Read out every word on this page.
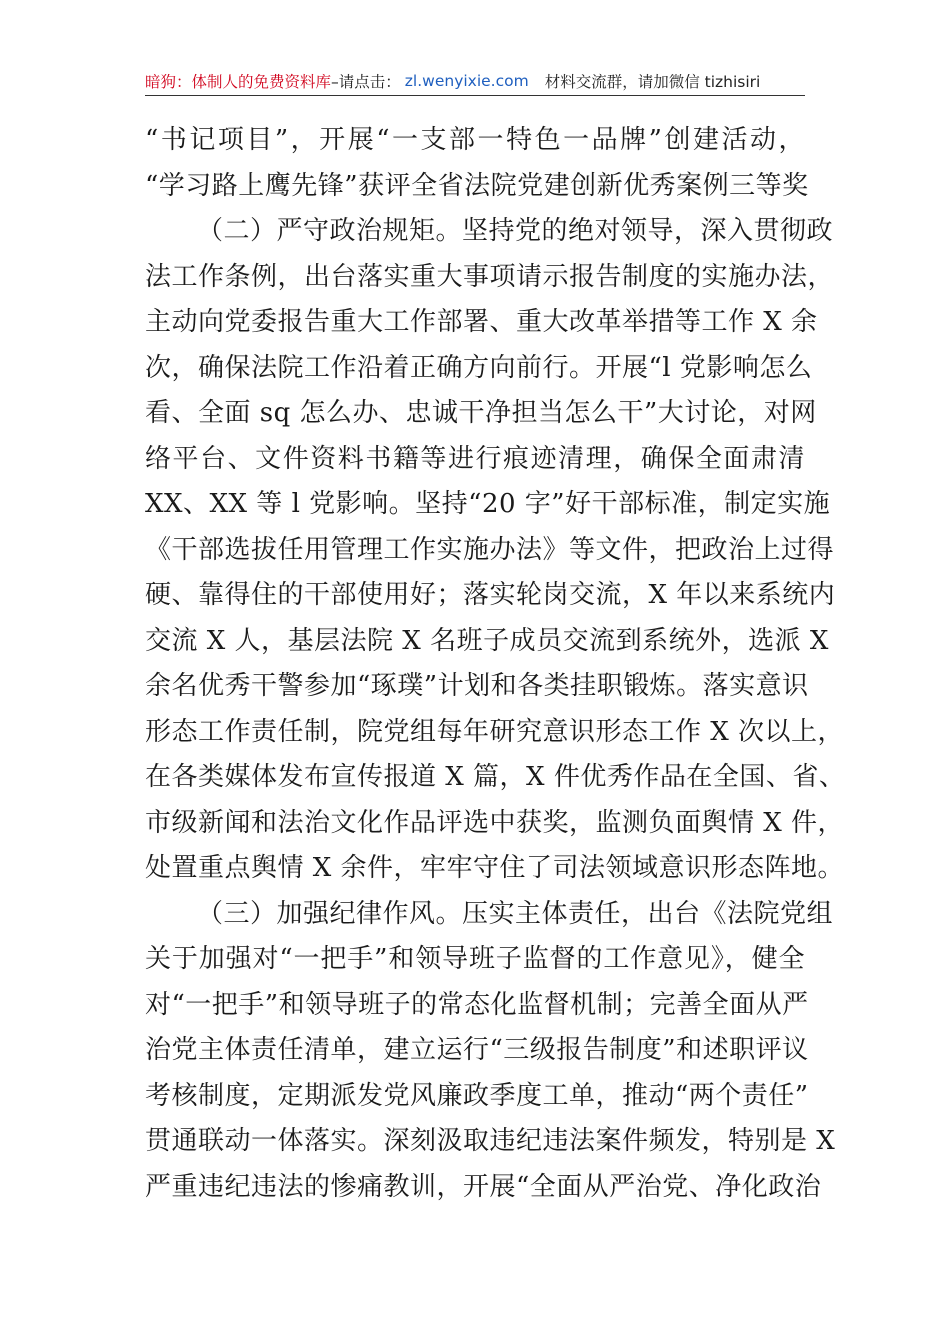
暗狗：体制人的免费资料库 –请点击： zl.wenyixie.com 材料交流群，请加微信 tizhisiri

“书记项目”，开展“一支部一特色一品牌”创建活动，
“学习路上鹰先锋”获评全省法院党建创新优秀案例三等奖

（二）严守政治规矩。坚持党的绝对领导，深入贯彻政
法工作条例，出台落实重大事项请示报告制度的实施办法，
主动向党委报告重大工作部署、重大改革举措等工作 X 余
次，确保法院工作沿着正确方向前行。开展“l 党影响怎么
看、全面 sq 怎么办、忠诚干净担当怎么干”大讨论，对网
络平台、文件资料书籍等进行痕迹清理，确保全面肃清
XX、XX 等 l 党影响。坚持“20 字”好干部标准，制定实施
《干部选拔任用管理工作实施办法》等文件，把政治上过得
硬、靠得住的干部使用好；落实轮岗交流，X 年以来系统内
交流 X 人，基层法院 X 名班子成员交流到系统外，选派 X
余名优秀干警参加“琢璞”计划和各类挂职锻炼。落实意识
形态工作责任制，院党组每年研究意识形态工作 X 次以上，
在各类媒体发布宣传报道 X 篇，X 件优秀作品在全国、省、
市级新闻和法治文化作品评选中获奖，监测负面舆情 X 件，
处置重点舆情 X 余件，牢牢守住了司法领域意识形态阵地。

（三）加强纪律作风。压实主体责任，出台《法院党组
关于加强对“一把手”和领导班子监督的工作意见》，健全
对“一把手”和领导班子的常态化监督机制；完善全面从严
治党主体责任清单，建立运行“三级报告制度”和述职评议
考核制度，定期派发党风廉政季度工单，推动“两个责任”
贯通联动一体落实。深刻汲取违纪违法案件频发，特别是 X
严重违纪违法的惨痛教训，开展“全面从严治党、净化政治
